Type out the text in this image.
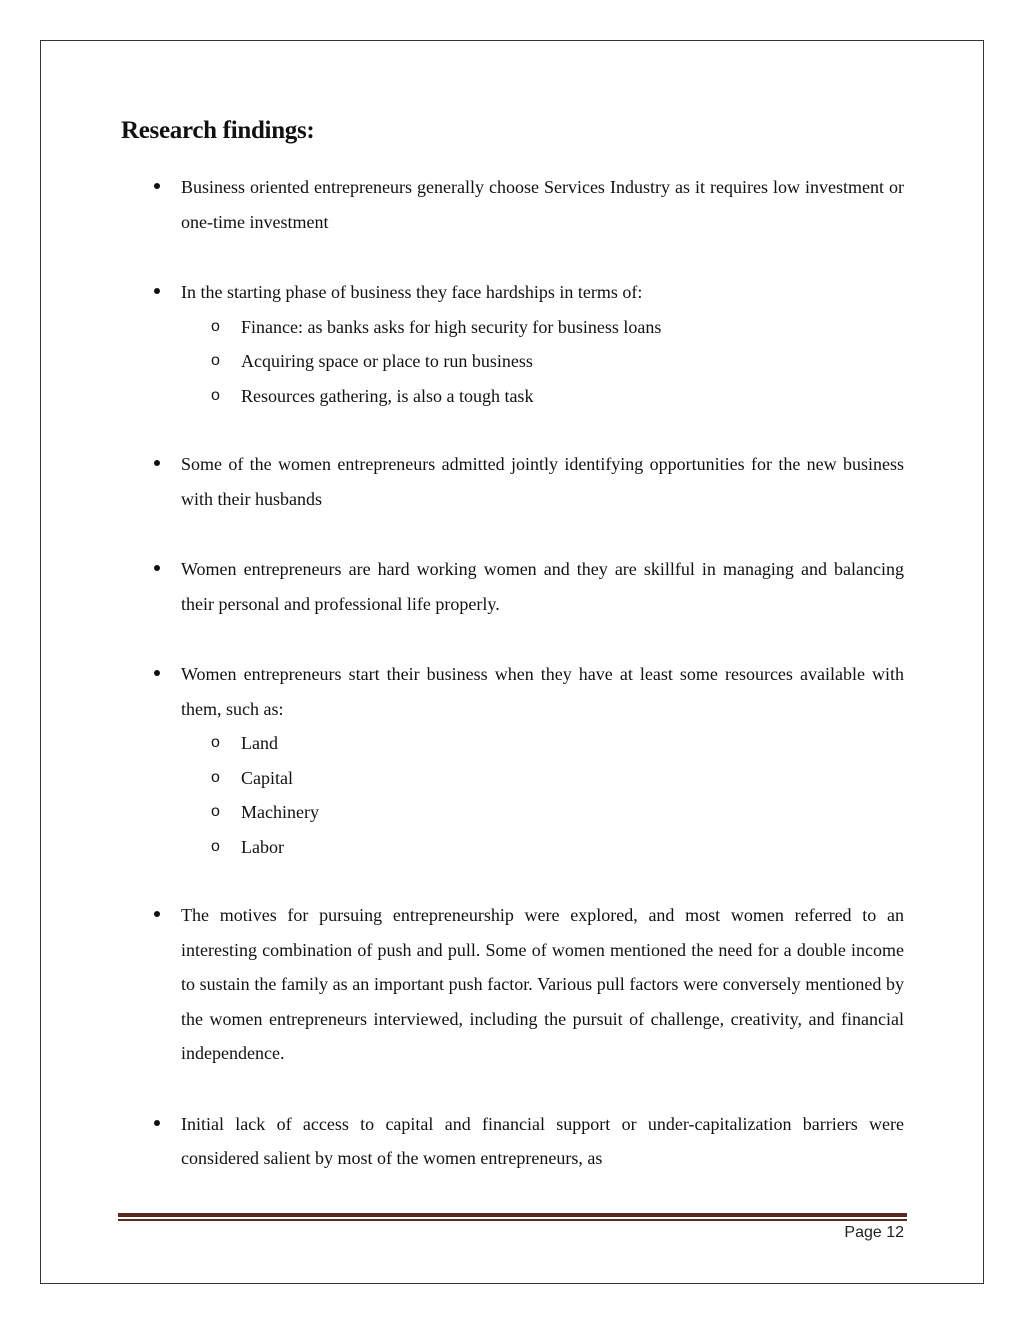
Research findings:
Business oriented entrepreneurs generally choose Services Industry as it requires low investment or one-time investment
In the starting phase of business they face hardships in terms of:
o Finance: as banks asks for high security for business loans
o Acquiring space or place to run business
o Resources gathering, is also a tough task
Some of the women entrepreneurs admitted jointly identifying opportunities for the new business with their husbands
Women entrepreneurs are hard working women and they are skillful in managing and balancing their personal and professional life properly.
Women entrepreneurs start their business when they have at least some resources available with them, such as:
o Land
o Capital
o Machinery
o Labor
The motives for pursuing entrepreneurship were explored, and most women referred to an interesting combination of push and pull. Some of women mentioned the need for a double income to sustain the family as an important push factor. Various pull factors were conversely mentioned by the women entrepreneurs interviewed, including the pursuit of challenge, creativity, and financial independence.
Initial lack of access to capital and financial support or under-capitalization barriers were considered salient by most of the women entrepreneurs, as
Page 12
